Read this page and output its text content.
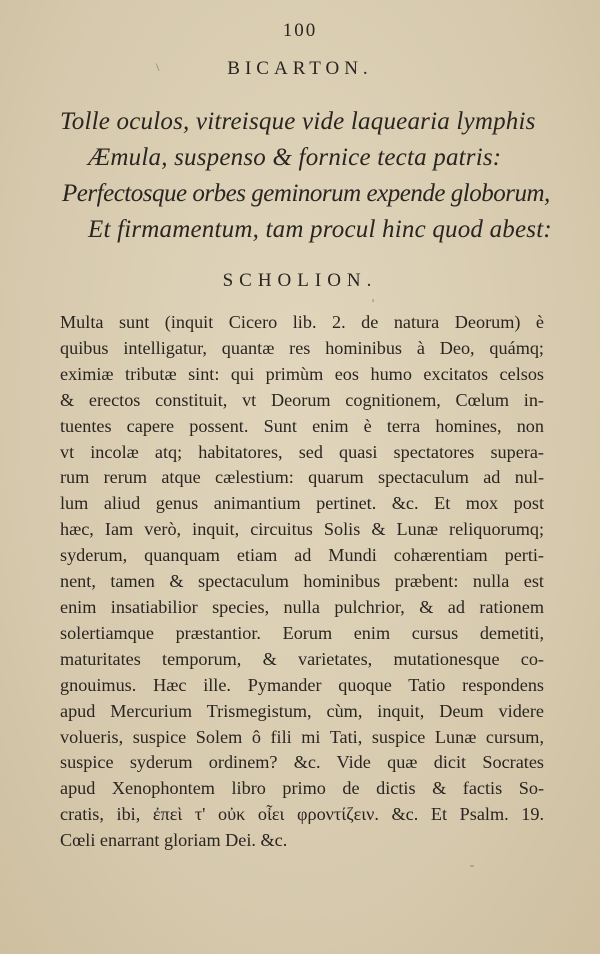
100
BICARTON.
Tolle oculos, vitreisque vide laquearia lymphis
Æmula, suspenso & fornice tecta patris:
Perfectosque orbes geminorum expende globorum,
Et firmamentum, tam procul hinc quod abest:
SCHOLION.
Multa sunt (inquit Cicero lib. 2. de natura Deorum) è
quibus intelligatur, quantæ res hominibus à Deo, quámq;
eximiæ tributæ sint: qui primùm eos humo excitatos celsos
& erectos constituit, vt Deorum cognitionem, Cœlum in-
tuentes capere possent. Sunt enim è terra homines, non
vt incolæ atq; habitatores, sed quasi spectatores supera-
rum rerum atque cælestium: quarum spectaculum ad nul-
lum aliud genus animantium pertinet. &c. Et mox post
hæc, Iam verò, inquit, circuitus Solis & Lunæ reliquorumq;
syderum, quanquam etiam ad Mundi cohærentiam perti-
nent, tamen & spectaculum hominibus præbent: nulla est
enim insatiabilior species, nulla pulchrior, & ad rationem
solertiamque præstantior. Eorum enim cursus demetiti,
maturitates temporum, & varietates, mutationesque co-
gnouimus. Hæc ille. Pymander quoque Tatio respondens
apud Mercurium Trismegistum, cùm, inquit, Deum videre
volueris, suspice Solem ô fili mi Tati, suspice Lunæ cursum,
suspice syderum ordinem? &c. Vide quæ dicit Socrates
apud Xenophontem libro primo de dictis & factis So-
cratis, ibi, ἐπεὶ τ' οὐκ οἶει φροντίζειν. &c. Et Psalm. 19.
Cœli enarrant gloriam Dei. &c.
\
'
-
